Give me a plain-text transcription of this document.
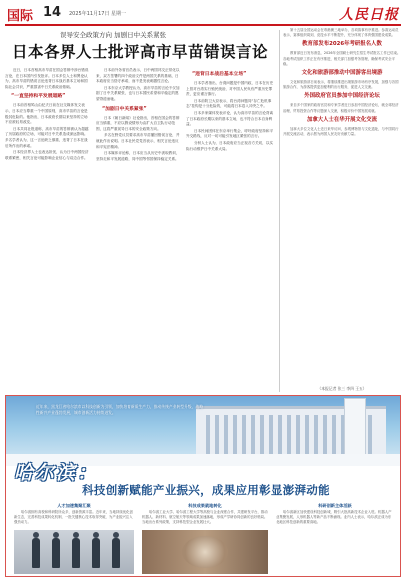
国际 14 2025年11月17日 星期一	人民日报
误导安全政策方向 加剧日中关系紧张
日本各界人士批评高市早苗错误言论

近日，日本首相高市早苗在国会答辩中涉台错误言论，在日本国内引发批评。日本多位人士和舆论认为，高市早苗的错误言论违背日本战后基本立场和国际社会共识，严重损害中日关系政治基础。

“一直坚持和平发展道路”

日本前首相鸠山由纪夫日前在社交媒体发文表示，日本应当尊重一个中国原则，高市早苗的言论是极其危险的。他指出，日本政府长期以来坚持的立场不应被轻易改变。

日本共同社报道称，高市早苗的答辩被认为超越了历届政府的立场，可能对日中关系造成深远影响。多名学者认为，这一言论缺乏慎重，违背了日本在战后所作出的承诺。

日本经济界人士也表达担忧，认为日中两国经济联系紧密，相关言论可能影响企业信心与双边合作。

日本前外务省官员表示，日中两国邦交正常化以来，双方签署的四个政治文件是两国关系的基础，日本政府应当恪守承诺，而不是发表刺激性言论。

日本东京大学教授认为，高市早苗的言论不仅加剧了日中关系紧张，也与日本国民希望和平稳定的愿望背道而驰。

“加剧日中关系紧张”

日本《朝日新闻》社论指出，首相在国会的答辩应当慎重，不应以假设情形为由扩大自卫队行动范围，这将严重误导日本的安全政策方向。

多名在野党议员要求高市早苗撤回错误言论，并就此作出说明。日本社民党党首表示，相关言论违反和平宪法精神。

日本媒体评论称，日本应当从历史中汲取教训，坚持走和平发展道路，同中国等邻国保持稳定关系。

“违背日本战后基本立场”

日本学者指出，台湾问题是中国内政，日本在历史上曾对台湾实行殖民统治，对中国人民负有严重历史罪责，更应谨言慎行。

日本前防卫大臣表示，将台湾问题同“存亡危机事态”挂钩是十分危险的，可能将日本卷入冲突之中。

日本多家媒体发表评论，认为高市早苗的言论背离了日本政府长期以来的基本立场，也不符合日本自身利益。

日本民间团体在东京举行集会，呼吁政府坚持和平外交路线，反对一切可能引发地区紧张的言行。

分析人士认为，日本政府应当正视各方关切，以实际行动维护日中关系大局。

第十五届全国运动会在粤港澳三地举办，各项赛事有序推进。参赛运动员表示，赛事组织周到，竞技水平不断提升，充分体现了体育强国建设成果。

教育部发布2026年考研报名人数

教育部近日发布消息，2026年全国硕士研究生招生考试报名工作已结束。各地考试组织工作正在有序推进，相关部门加强考务管理，确保考试安全平稳。

文化和旅游部推动中国游客出境游

文化和旅游部日前表示，将继续推进出境旅游市场有序发展，加强与各国旅游合作，为游客提供更加便利的出行服务，促进人文交流。

外国政府官员参加中国经济论坛

来自多个国家的政府官员和专家学者近日参加中国经济论坛，就全球经济治理、贸易投资合作等议题深入交流，积极评价中国发展成就。

加拿大人士在华开展文化交流

加拿大多位文化人士近日来华访问，参观博物馆与文化遗址，与中国同行开展交流活动，表示愿为两国人民友好贡献力量。

（本报记者 张三 李四 王五）
近年来，黑龙江省哈尔滨市以科技创新为引领，加快培育新质生产力，推动传统产业转型升级，战略性新兴产业蓬勃发展，城市创新活力持续迸发。
哈尔滨：
科技创新赋能产业振兴，成果应用彰显澎湃动能
人才加速集聚汇聚

哈尔滨拥有高校和科研院所众多，创新资源丰富。近年来，当地持续优化创新生态，完善科技成果转化机制，一批关键核心技术取得突破，为产业振兴注入强劲动力。

科技成果就地转化

哈尔滨工业大学、哈尔滨工程大学等高校与企业深度合作，共建研发平台，推动机器人、新材料、航空航天等领域成果加速落地，形成产学研协同创新的良好格局。当地出台系列政策，支持科技型企业发展壮大。

科研创新主体活跃

哈尔滨新区加快建设科技创新城，吸引大批高新技术企业入驻。机器人产业集聚发展，人形机器人等新产品不断涌现。业内人士表示，哈尔滨正成为东北地区科技创新的重要高地。
